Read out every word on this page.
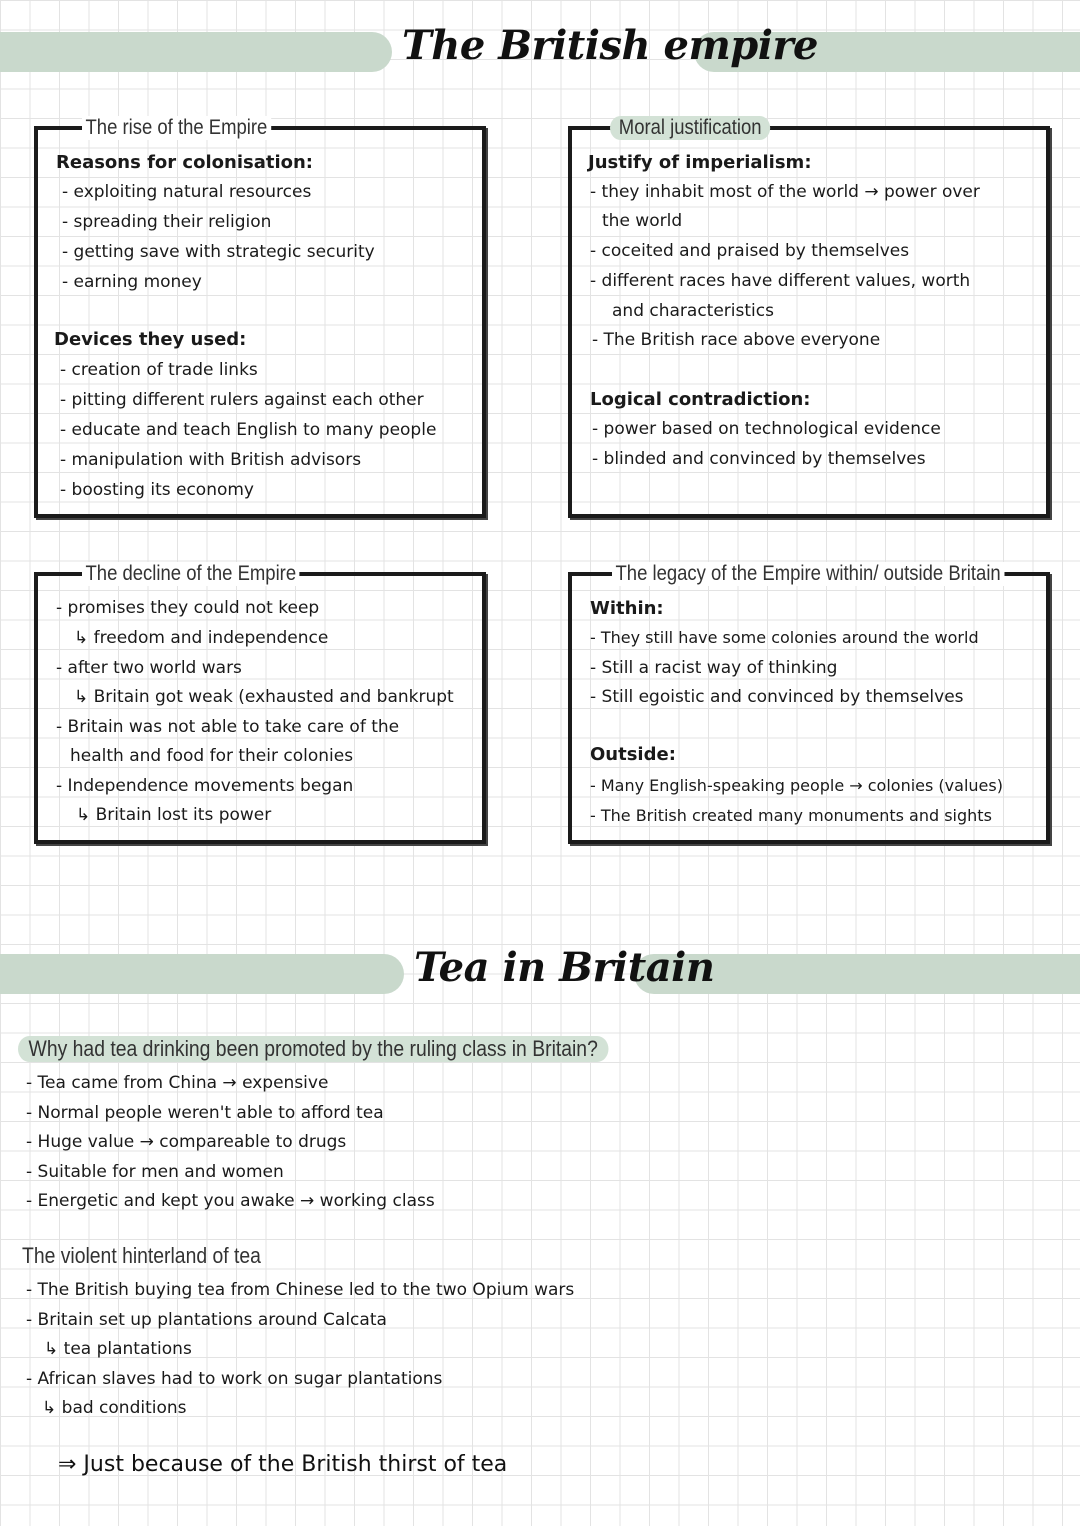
The British empire
The rise of the Empire
Reasons for colonisation:
- exploiting natural resources
- spreading their religion
- getting save with strategic security
- earning money
Devices they used:
- creation of trade links
- pitting different rulers against each other
- educate and teach English to many people
- manipulation with British advisors
- boosting its economy
Moral justification
Justify of imperialism:
- they inhabit most of the world → power over
the world
- coceited and praised by themselves
- different races have different values, worth
and characteristics
- The British race above everyone
Logical contradiction:
- power based on technological evidence
- blinded and convinced by themselves
The decline of the Empire
- promises they could not keep
↳ freedom and independence
- after two world wars
↳ Britain got weak (exhausted and bankrupt
- Britain was not able to take care of the
health and food for their colonies
- Independence movements began
↳ Britain lost its power
The legacy of the Empire within/ outside Britain
Within:
- They still have some colonies around the world
- Still a racist way of thinking
- Still egoistic and convinced by themselves
Outside:
- Many English-speaking people → colonies (values)
- The British created many monuments and sights
Tea in Britain
Why had tea drinking been promoted by the ruling class in Britain?
- Tea came from China → expensive
- Normal people weren't able to afford tea
- Huge value → compareable to drugs
- Suitable for men and women
- Energetic and kept you awake → working class
The violent hinterland of tea
- The British buying tea from Chinese led to the two Opium wars
- Britain set up plantations around Calcata
↳ tea plantations
- African slaves had to work on sugar plantations
↳ bad conditions
⇒ Just because of the British thirst of tea
